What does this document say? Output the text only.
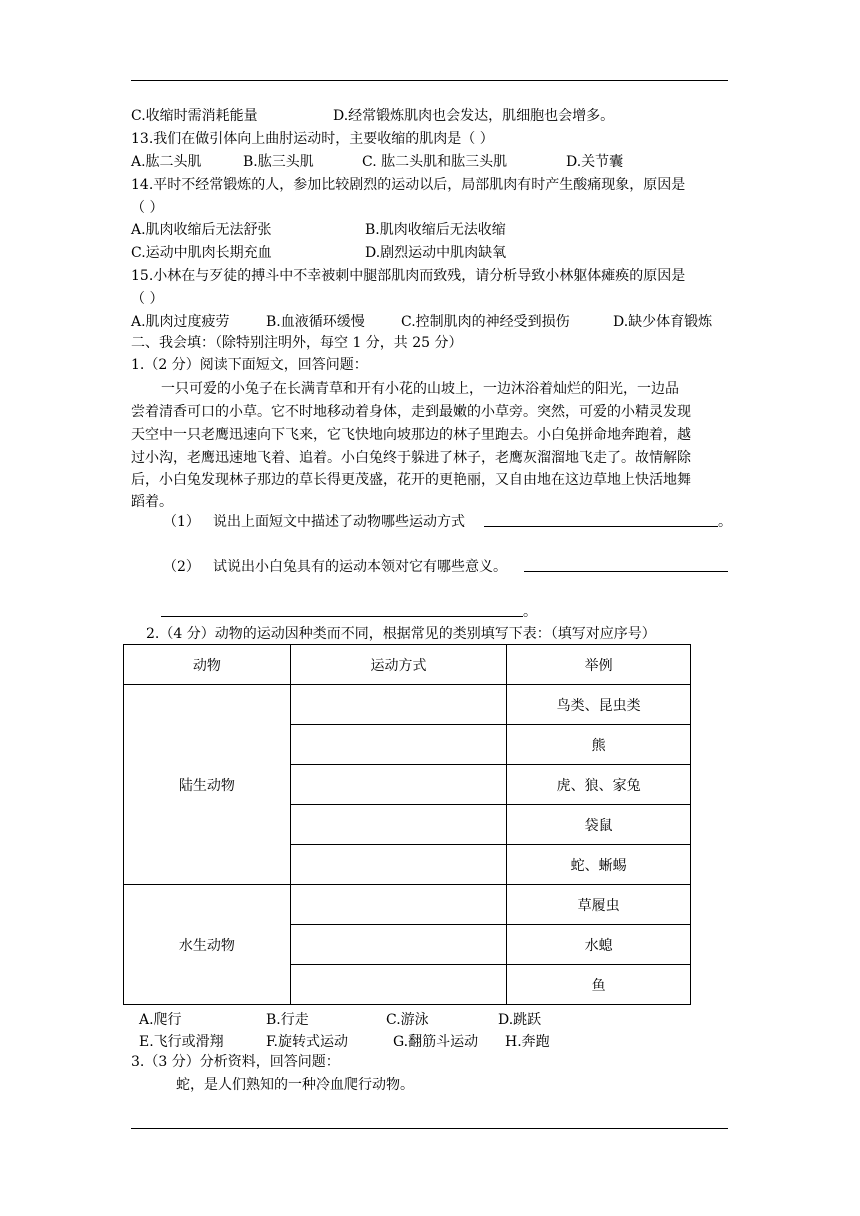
C.收缩时需消耗能量	D.经常锻炼肌肉也会发达，肌细胞也会增多。
13.我们在做引体向上曲肘运动时，主要收缩的肌肉是（ ）
A.肱二头肌	B.肱三头肌	C. 肱二头肌和肱三头肌	D.关节囊
14.平时不经常锻炼的人，参加比较剧烈的运动以后，局部肌肉有时产生酸痛现象，原因是
（ ）
A.肌肉收缩后无法舒张	B.肌肉收缩后无法收缩
C.运动中肌肉长期充血	D.剧烈运动中肌肉缺氧
15.小林在与歹徒的搏斗中不幸被刺中腿部肌肉而致残，请分析导致小林躯体瘫痪的原因是
（ ）
A.肌肉过度疲劳	B.血液循环缓慢	C.控制肌肉的神经受到损伤	D.缺少体育锻炼
二、我会填：（除特别注明外，每空 1 分，共 25 分）
1.（2 分）阅读下面短文，回答问题：
一只可爱的小兔子在长满青草和开有小花的山坡上，一边沐浴着灿烂的阳光，一边品
尝着清香可口的小草。它不时地移动着身体，走到最嫩的小草旁。突然，可爱的小精灵发现
天空中一只老鹰迅速向下飞来，它飞快地向坡那边的林子里跑去。小白兔拼命地奔跑着，越
过小沟，老鹰迅速地飞着、追着。小白兔终于躲进了林子，老鹰灰溜溜地飞走了。故情解除
后，小白兔发现林子那边的草长得更茂盛，花开的更艳丽，又自由地在这边草地上快活地舞
蹈着。
（1） 说出上面短文中描述了动物哪些运动方式	。
（2） 试说出小白兔具有的运动本领对它有哪些意义。
。
2.（4 分）动物的运动因种类而不同，根据常见的类别填写下表：（填写对应序号）
动物	运动方式	举例
陆生动物		鸟类、昆虫类
		熊
		虎、狼、家兔
		袋鼠
		蛇、蜥蜴
水生动物		草履虫
		水螅
		鱼
A.爬行	B.行走	C.游泳	D.跳跃
E.飞行或滑翔	F.旋转式运动	G.翻筋斗运动 H.奔跑
3.（3 分）分析资料，回答问题：
蛇，是人们熟知的一种冷血爬行动物。
